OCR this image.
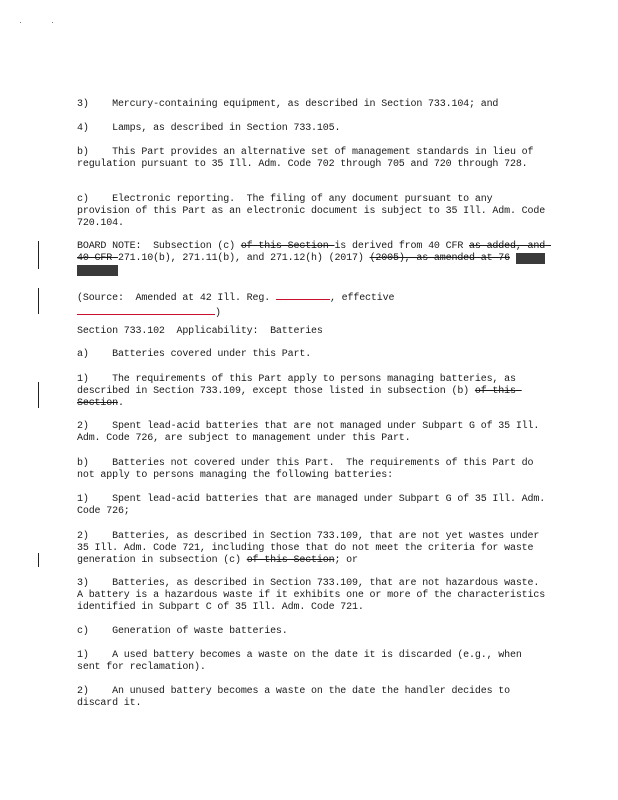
3)    Mercury-containing equipment, as described in Section 733.104; and
4)    Lamps, as described in Section 733.105.
b)    This Part provides an alternative set of management standards in lieu of regulation pursuant to 35 Ill. Adm. Code 702 through 705 and 720 through 728.
c)    Electronic reporting.  The filing of any document pursuant to any provision of this Part as an electronic document is subject to 35 Ill. Adm. Code 720.104.
BOARD NOTE:  Subsection (c) of this Section is derived from 40 CFR as added, and 40 CFR 271.10(b), 271.11(b), and 271.12(h) (2017) (2005), as amended at 76
(Source:  Amended at 42 Ill. Reg.	, effective
)
Section 733.102  Applicability:  Batteries
a)    Batteries covered under this Part.
1)    The requirements of this Part apply to persons managing batteries, as described in Section 733.109, except those listed in subsection (b) of this Section.
2)    Spent lead-acid batteries that are not managed under Subpart G of 35 Ill. Adm. Code 726, are subject to management under this Part.
b)    Batteries not covered under this Part.  The requirements of this Part do not apply to persons managing the following batteries:
1)    Spent lead-acid batteries that are managed under Subpart G of 35 Ill. Adm. Code 726;
2)    Batteries, as described in Section 733.109, that are not yet wastes under 35 Ill. Adm. Code 721, including those that do not meet the criteria for waste generation in subsection (c) of this Section; or
3)    Batteries, as described in Section 733.109, that are not hazardous waste.  A battery is a hazardous waste if it exhibits one or more of the characteristics identified in Subpart C of 35 Ill. Adm. Code 721.
c)    Generation of waste batteries.
1)    A used battery becomes a waste on the date it is discarded (e.g., when sent for reclamation).
2)    An unused battery becomes a waste on the date the handler decides to discard it.
